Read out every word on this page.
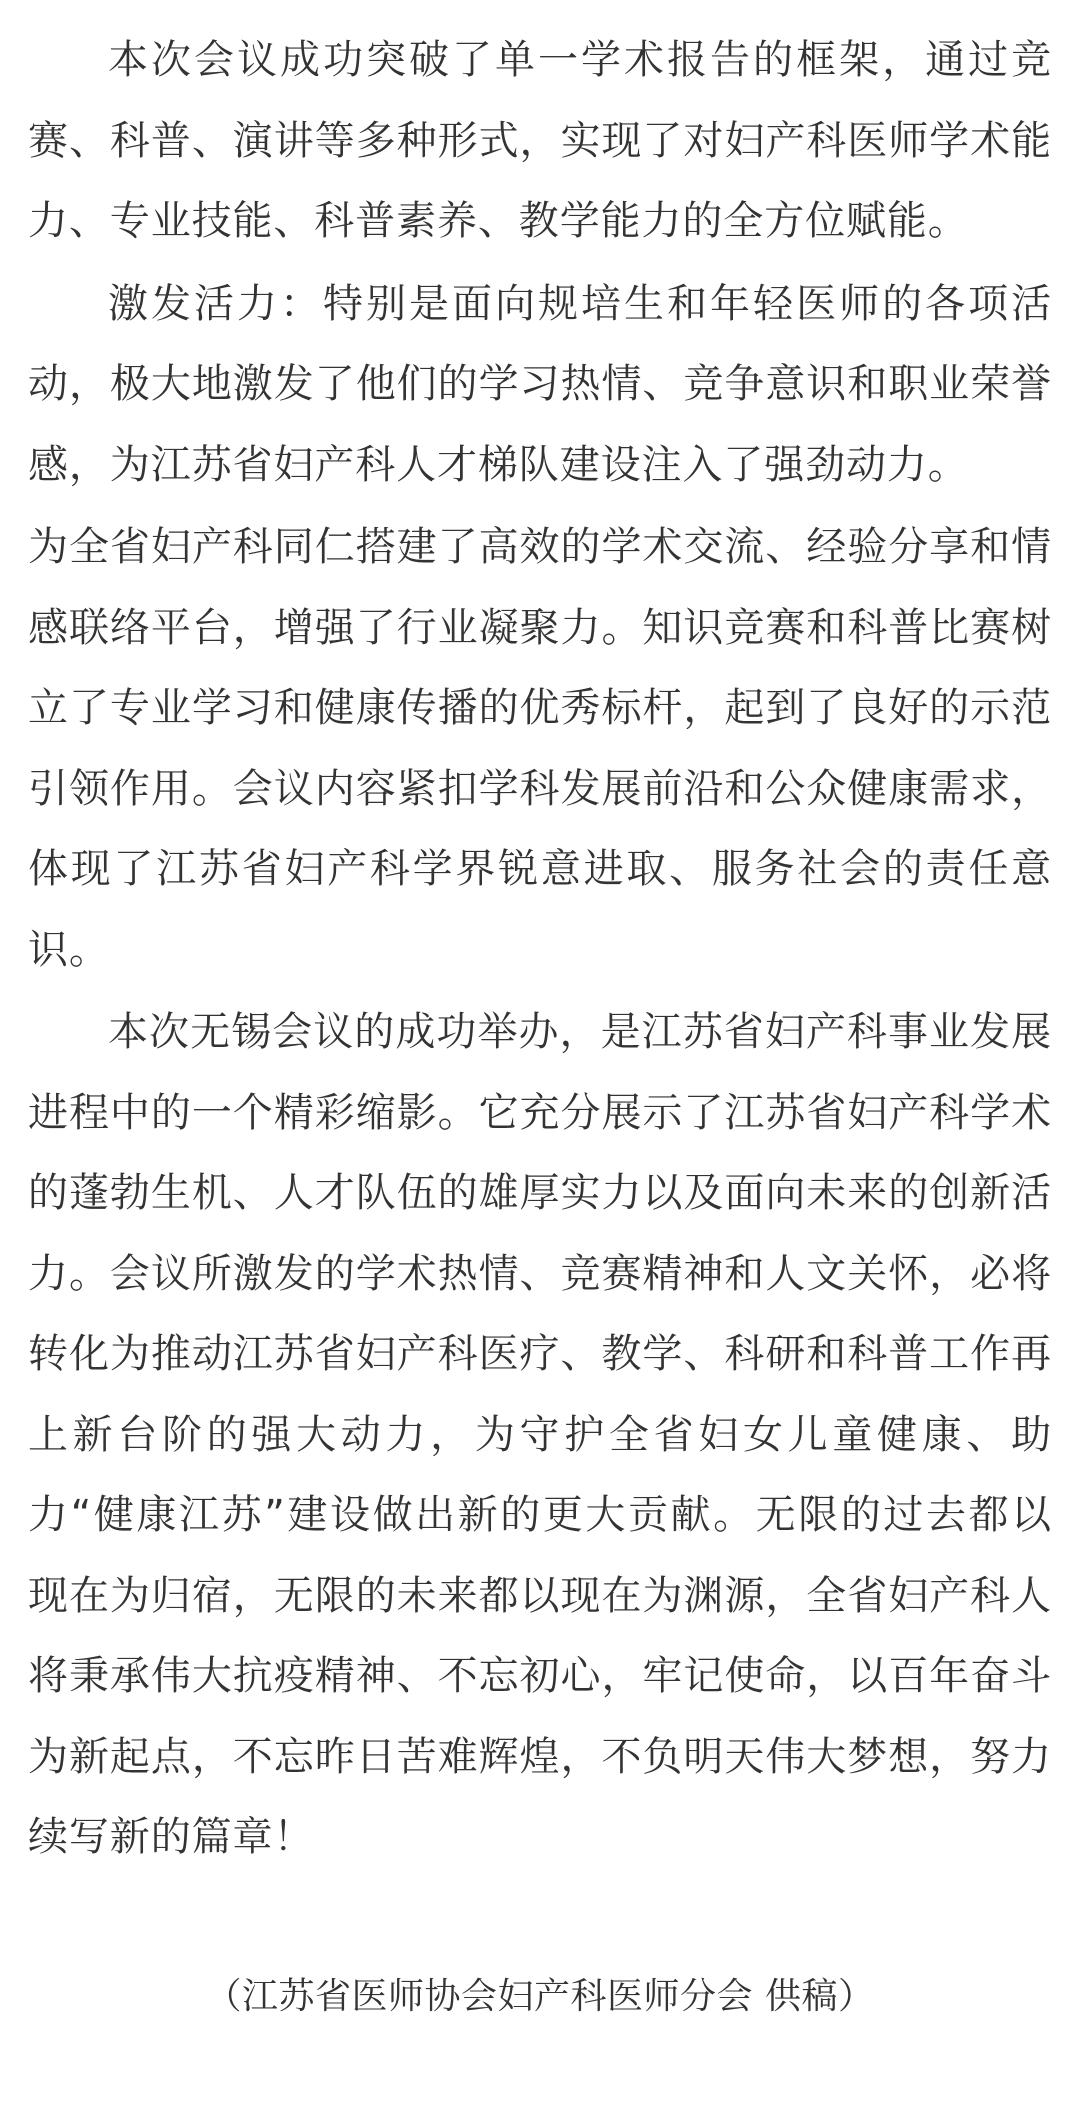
本次会议成功突破了单一学术报告的框架，通过竞赛、科普、演讲等多种形式，实现了对妇产科医师学术能力、专业技能、科普素养、教学能力的全方位赋能。

激发活力：特别是面向规培生和年轻医师的各项活动，极大地激发了他们的学习热情、竞争意识和职业荣誉感，为江苏省妇产科人才梯队建设注入了强劲动力。

为全省妇产科同仁搭建了高效的学术交流、经验分享和情感联络平台，增强了行业凝聚力。知识竞赛和科普比赛树立了专业学习和健康传播的优秀标杆，起到了良好的示范引领作用。会议内容紧扣学科发展前沿和公众健康需求，体现了江苏省妇产科学界锐意进取、服务社会的责任意识。

本次无锡会议的成功举办，是江苏省妇产科事业发展进程中的一个精彩缩影。它充分展示了江苏省妇产科学术的蓬勃生机、人才队伍的雄厚实力以及面向未来的创新活力。会议所激发的学术热情、竞赛精神和人文关怀，必将转化为推动江苏省妇产科医疗、教学、科研和科普工作再上新台阶的强大动力，为守护全省妇女儿童健康、助力“健康江苏”建设做出新的更大贡献。无限的过去都以现在为归宿，无限的未来都以现在为渊源，全省妇产科人将秉承伟大抗疫精神、不忘初心，牢记使命，以百年奋斗为新起点，不忘昨日苦难辉煌，不负明天伟大梦想，努力续写新的篇章！

（江苏省医师协会妇产科医师分会 供稿）
